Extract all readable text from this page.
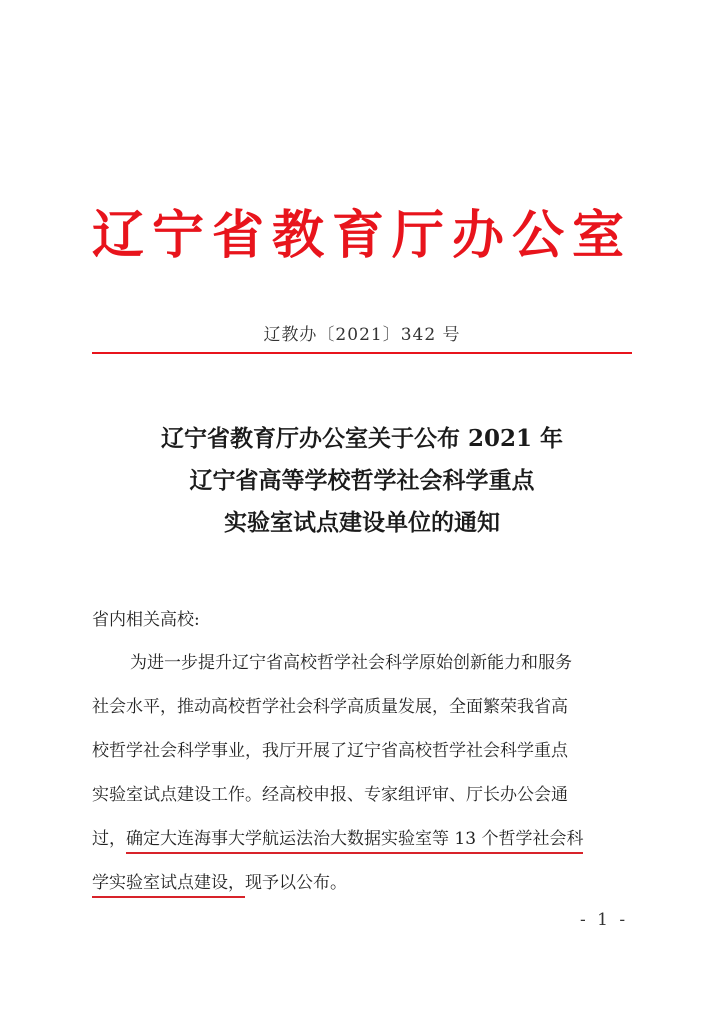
辽宁省教育厅办公室
辽教办〔2021〕342 号
辽宁省教育厅办公室关于公布 2021 年
辽宁省高等学校哲学社会科学重点
实验室试点建设单位的通知
省内相关高校:
为进一步提升辽宁省高校哲学社会科学原始创新能力和服务
社会水平，推动高校哲学社会科学高质量发展，全面繁荣我省高
校哲学社会科学事业，我厅开展了辽宁省高校哲学社会科学重点
实验室试点建设工作。经高校申报、专家组评审、厅长办公会通
过，确定大连海事大学航运法治大数据实验室等 13 个哲学社会科
学实验室试点建设，现予以公布。
- 1 -
